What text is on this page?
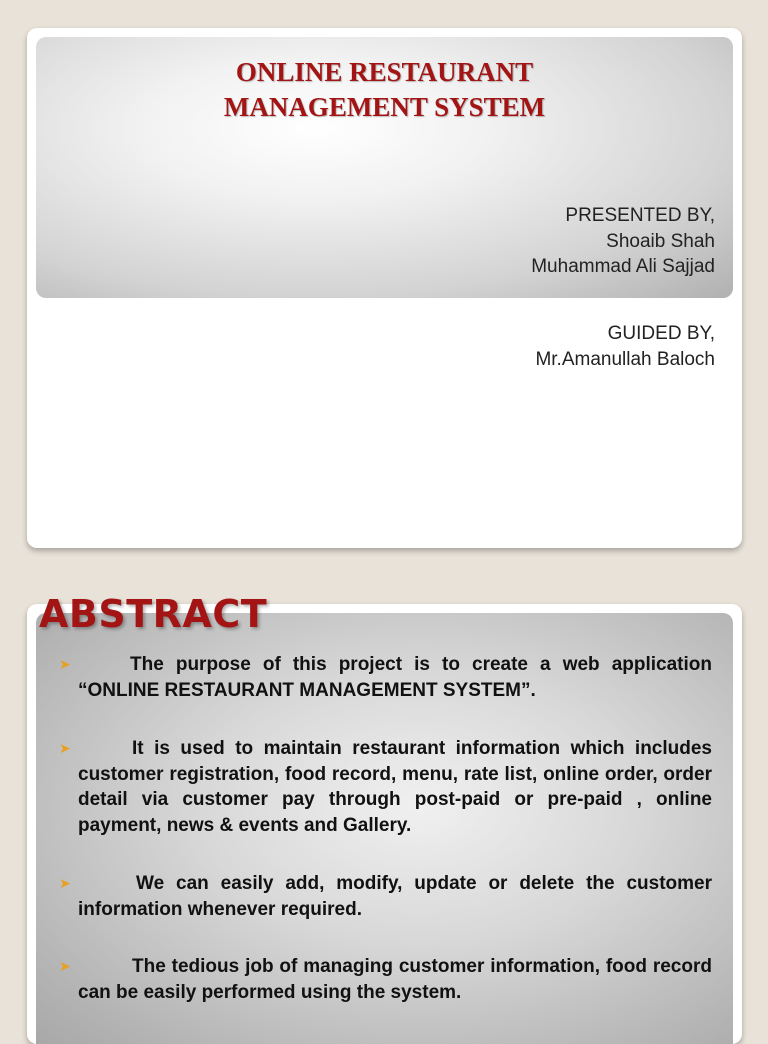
ONLINE RESTAURANT
MANAGEMENT SYSTEM
PRESENTED BY,
Shoaib Shah
Muhammad Ali Sajjad
GUIDED BY,
Mr.Amanullah Baloch
➤	The purpose of this project is to create a web application “ONLINE RESTAURANT MANAGEMENT SYSTEM”.
➤	It is used to maintain restaurant information which includes customer registration, food record, menu, rate list, online order, order detail via customer pay through post-paid or pre-paid , online payment, news & events and Gallery.
➤	We can easily add, modify, update or delete the customer information whenever required.
➤	The tedious job of managing customer information, food record can be easily performed using the system.
ABSTRACT
